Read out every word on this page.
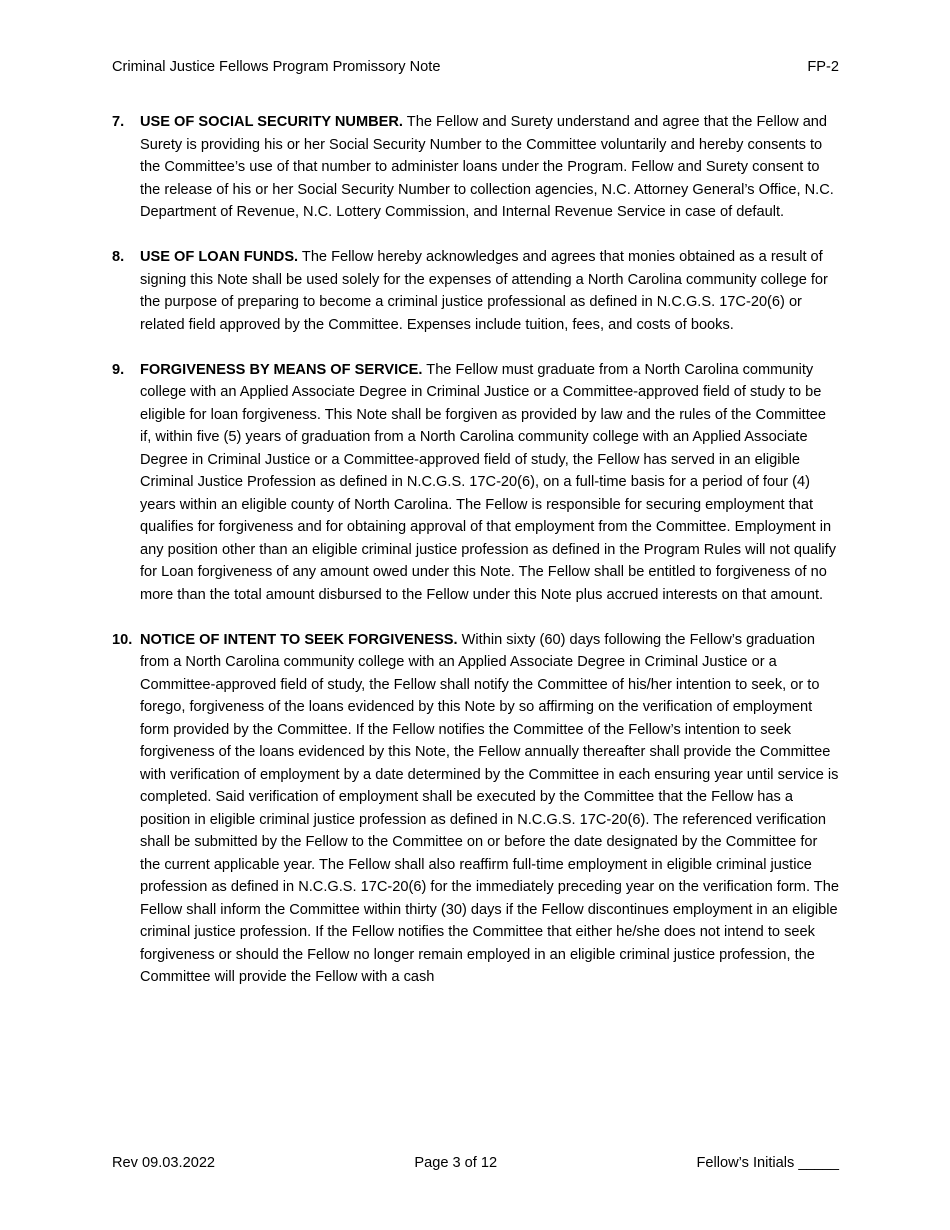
Criminal Justice Fellows Program Promissory Note	FP-2
7.	USE OF SOCIAL SECURITY NUMBER. The Fellow and Surety understand and agree that the Fellow and Surety is providing his or her Social Security Number to the Committee voluntarily and hereby consents to the Committee’s use of that number to administer loans under the Program. Fellow and Surety consent to the release of his or her Social Security Number to collection agencies, N.C. Attorney General’s Office, N.C. Department of Revenue, N.C. Lottery Commission, and Internal Revenue Service in case of default.
8.	USE OF LOAN FUNDS. The Fellow hereby acknowledges and agrees that monies obtained as a result of signing this Note shall be used solely for the expenses of attending a North Carolina community college for the purpose of preparing to become a criminal justice professional as defined in N.C.G.S. 17C-20(6) or related field approved by the Committee. Expenses include tuition, fees, and costs of books.
9.	FORGIVENESS BY MEANS OF SERVICE. The Fellow must graduate from a North Carolina community college with an Applied Associate Degree in Criminal Justice or a Committee-approved field of study to be eligible for loan forgiveness. This Note shall be forgiven as provided by law and the rules of the Committee if, within five (5) years of graduation from a North Carolina community college with an Applied Associate Degree in Criminal Justice or a Committee-approved field of study, the Fellow has served in an eligible Criminal Justice Profession as defined in N.C.G.S. 17C-20(6), on a full-time basis for a period of four (4) years within an eligible county of North Carolina. The Fellow is responsible for securing employment that qualifies for forgiveness and for obtaining approval of that employment from the Committee. Employment in any position other than an eligible criminal justice profession as defined in the Program Rules will not qualify for Loan forgiveness of any amount owed under this Note. The Fellow shall be entitled to forgiveness of no more than the total amount disbursed to the Fellow under this Note plus accrued interests on that amount.
10. NOTICE OF INTENT TO SEEK FORGIVENESS. Within sixty (60) days following the Fellow’s graduation from a North Carolina community college with an Applied Associate Degree in Criminal Justice or a Committee-approved field of study, the Fellow shall notify the Committee of his/her intention to seek, or to forego, forgiveness of the loans evidenced by this Note by so affirming on the verification of employment form provided by the Committee. If the Fellow notifies the Committee of the Fellow’s intention to seek forgiveness of the loans evidenced by this Note, the Fellow annually thereafter shall provide the Committee with verification of employment by a date determined by the Committee in each ensuring year until service is completed. Said verification of employment shall be executed by the Committee that the Fellow has a position in eligible criminal justice profession as defined in N.C.G.S. 17C-20(6). The referenced verification shall be submitted by the Fellow to the Committee on or before the date designated by the Committee for the current applicable year. The Fellow shall also reaffirm full-time employment in eligible criminal justice profession as defined in N.C.G.S. 17C-20(6) for the immediately preceding year on the verification form. The Fellow shall inform the Committee within thirty (30) days if the Fellow discontinues employment in an eligible criminal justice profession. If the Fellow notifies the Committee that either he/she does not intend to seek forgiveness or should the Fellow no longer remain employed in an eligible criminal justice profession, the Committee will provide the Fellow with a cash
Rev 09.03.2022	Page 3 of 12	Fellow’s Initials _____
